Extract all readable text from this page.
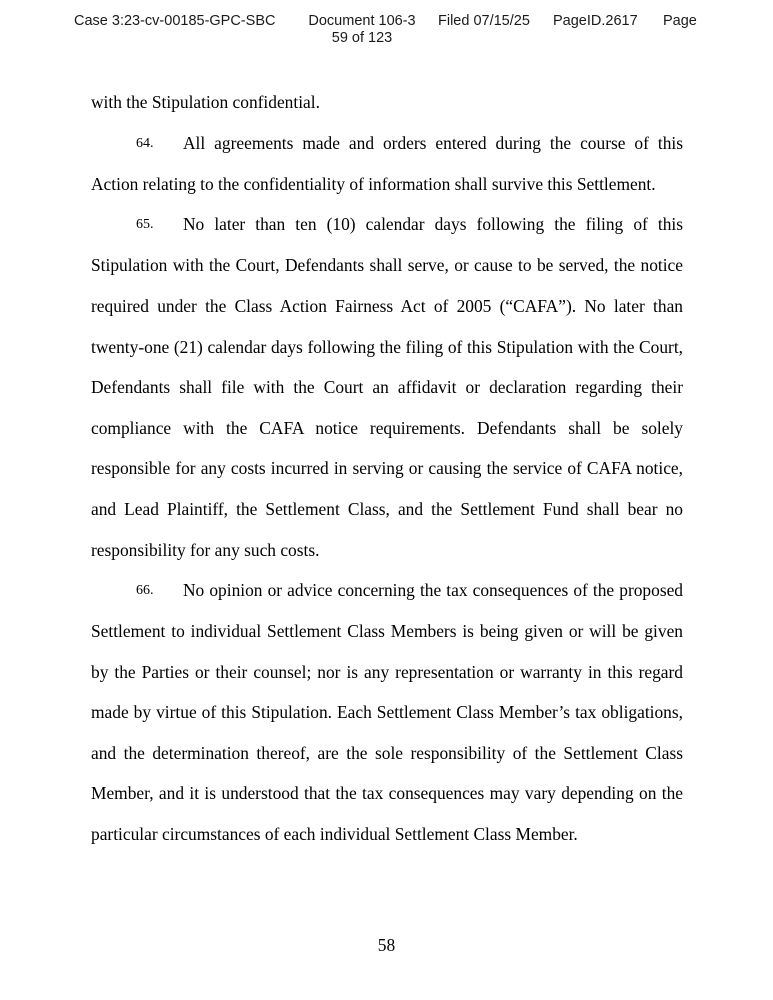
Case 3:23-cv-00185-GPC-SBC	Document 106-3
59 of 123
Filed 07/15/25 PageID.2617 Page
with the Stipulation confidential.
64. All agreements made and orders entered during the course of this
Action relating to the confidentiality of information shall survive this Settlement.
65. No later than ten (10) calendar days following the filing of this
Stipulation with the Court, Defendants shall serve, or cause to be served, the notice
required under the Class Action Fairness Act of 2005 (“CAFA”). No later than
twenty-one (21) calendar days following the filing of this Stipulation with the Court,
Defendants shall file with the Court an affidavit or declaration regarding their
compliance with the CAFA notice requirements. Defendants shall be solely
responsible for any costs incurred in serving or causing the service of CAFA notice,
and Lead Plaintiff, the Settlement Class, and the Settlement Fund shall bear no
responsibility for any such costs.
66. No opinion or advice concerning the tax consequences of the proposed
Settlement to individual Settlement Class Members is being given or will be given
by the Parties or their counsel; nor is any representation or warranty in this regard
made by virtue of this Stipulation. Each Settlement Class Member’s tax obligations,
and the determination thereof, are the sole responsibility of the Settlement Class
Member, and it is understood that the tax consequences may vary depending on the
particular circumstances of each individual Settlement Class Member.
58
